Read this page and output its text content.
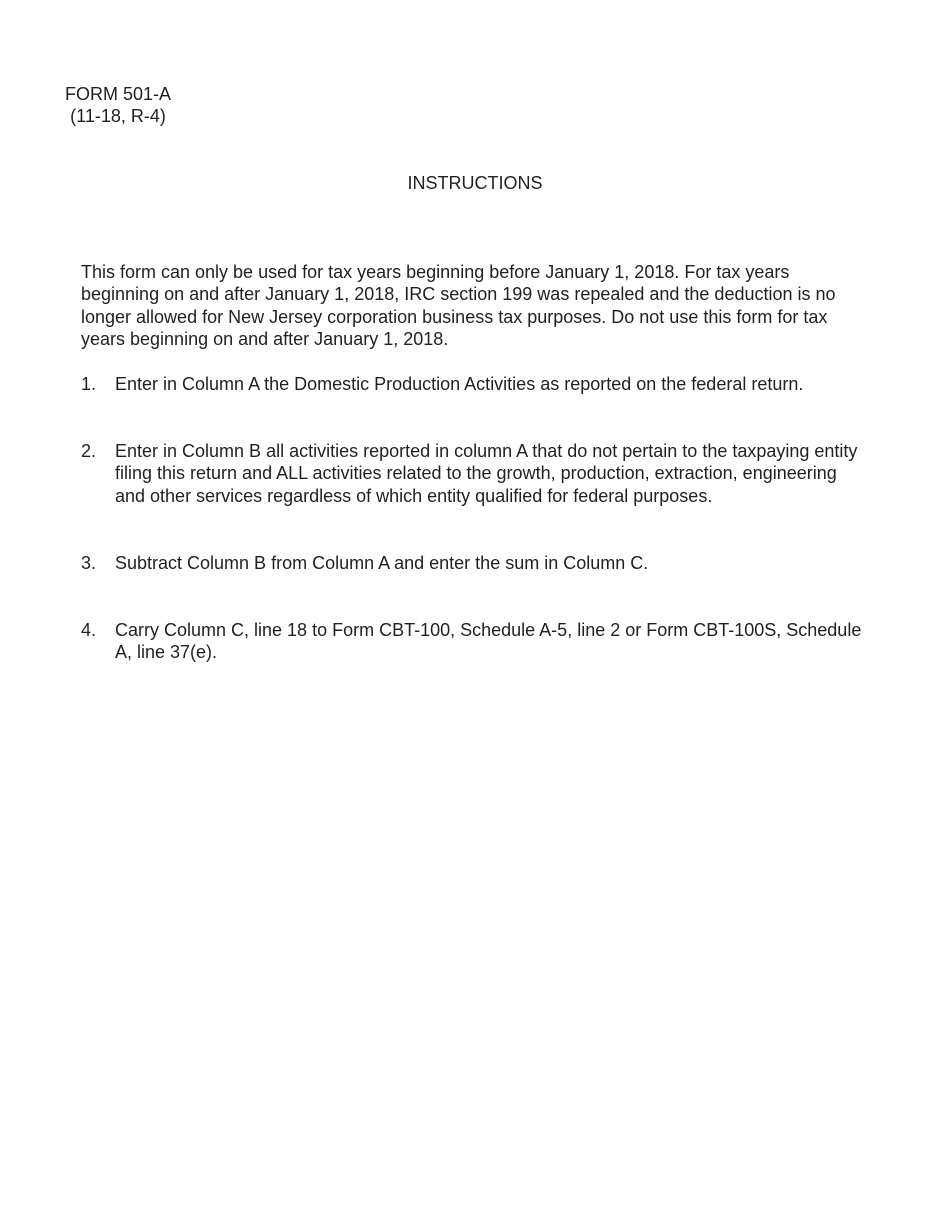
FORM 501-A
(11-18, R-4)
INSTRUCTIONS
This form can only be used for tax years beginning before January 1, 2018. For tax years beginning on and after January 1, 2018, IRC section 199 was repealed and the deduction is no longer allowed for New Jersey corporation business tax purposes. Do not use this form for tax years beginning on and after January 1, 2018.
1.	Enter in Column A the Domestic Production Activities as reported on the federal return.
2.	Enter in Column B all activities reported in column A that do not pertain to the taxpaying entity filing this return and ALL activities related to the growth, production, extraction, engineering and other services regardless of which entity qualified for federal purposes.
3.	Subtract Column B from Column A and enter the sum in Column C.
4.	Carry Column C, line 18 to Form CBT-100, Schedule A-5, line 2 or Form CBT-100S, Schedule A, line 37(e).
